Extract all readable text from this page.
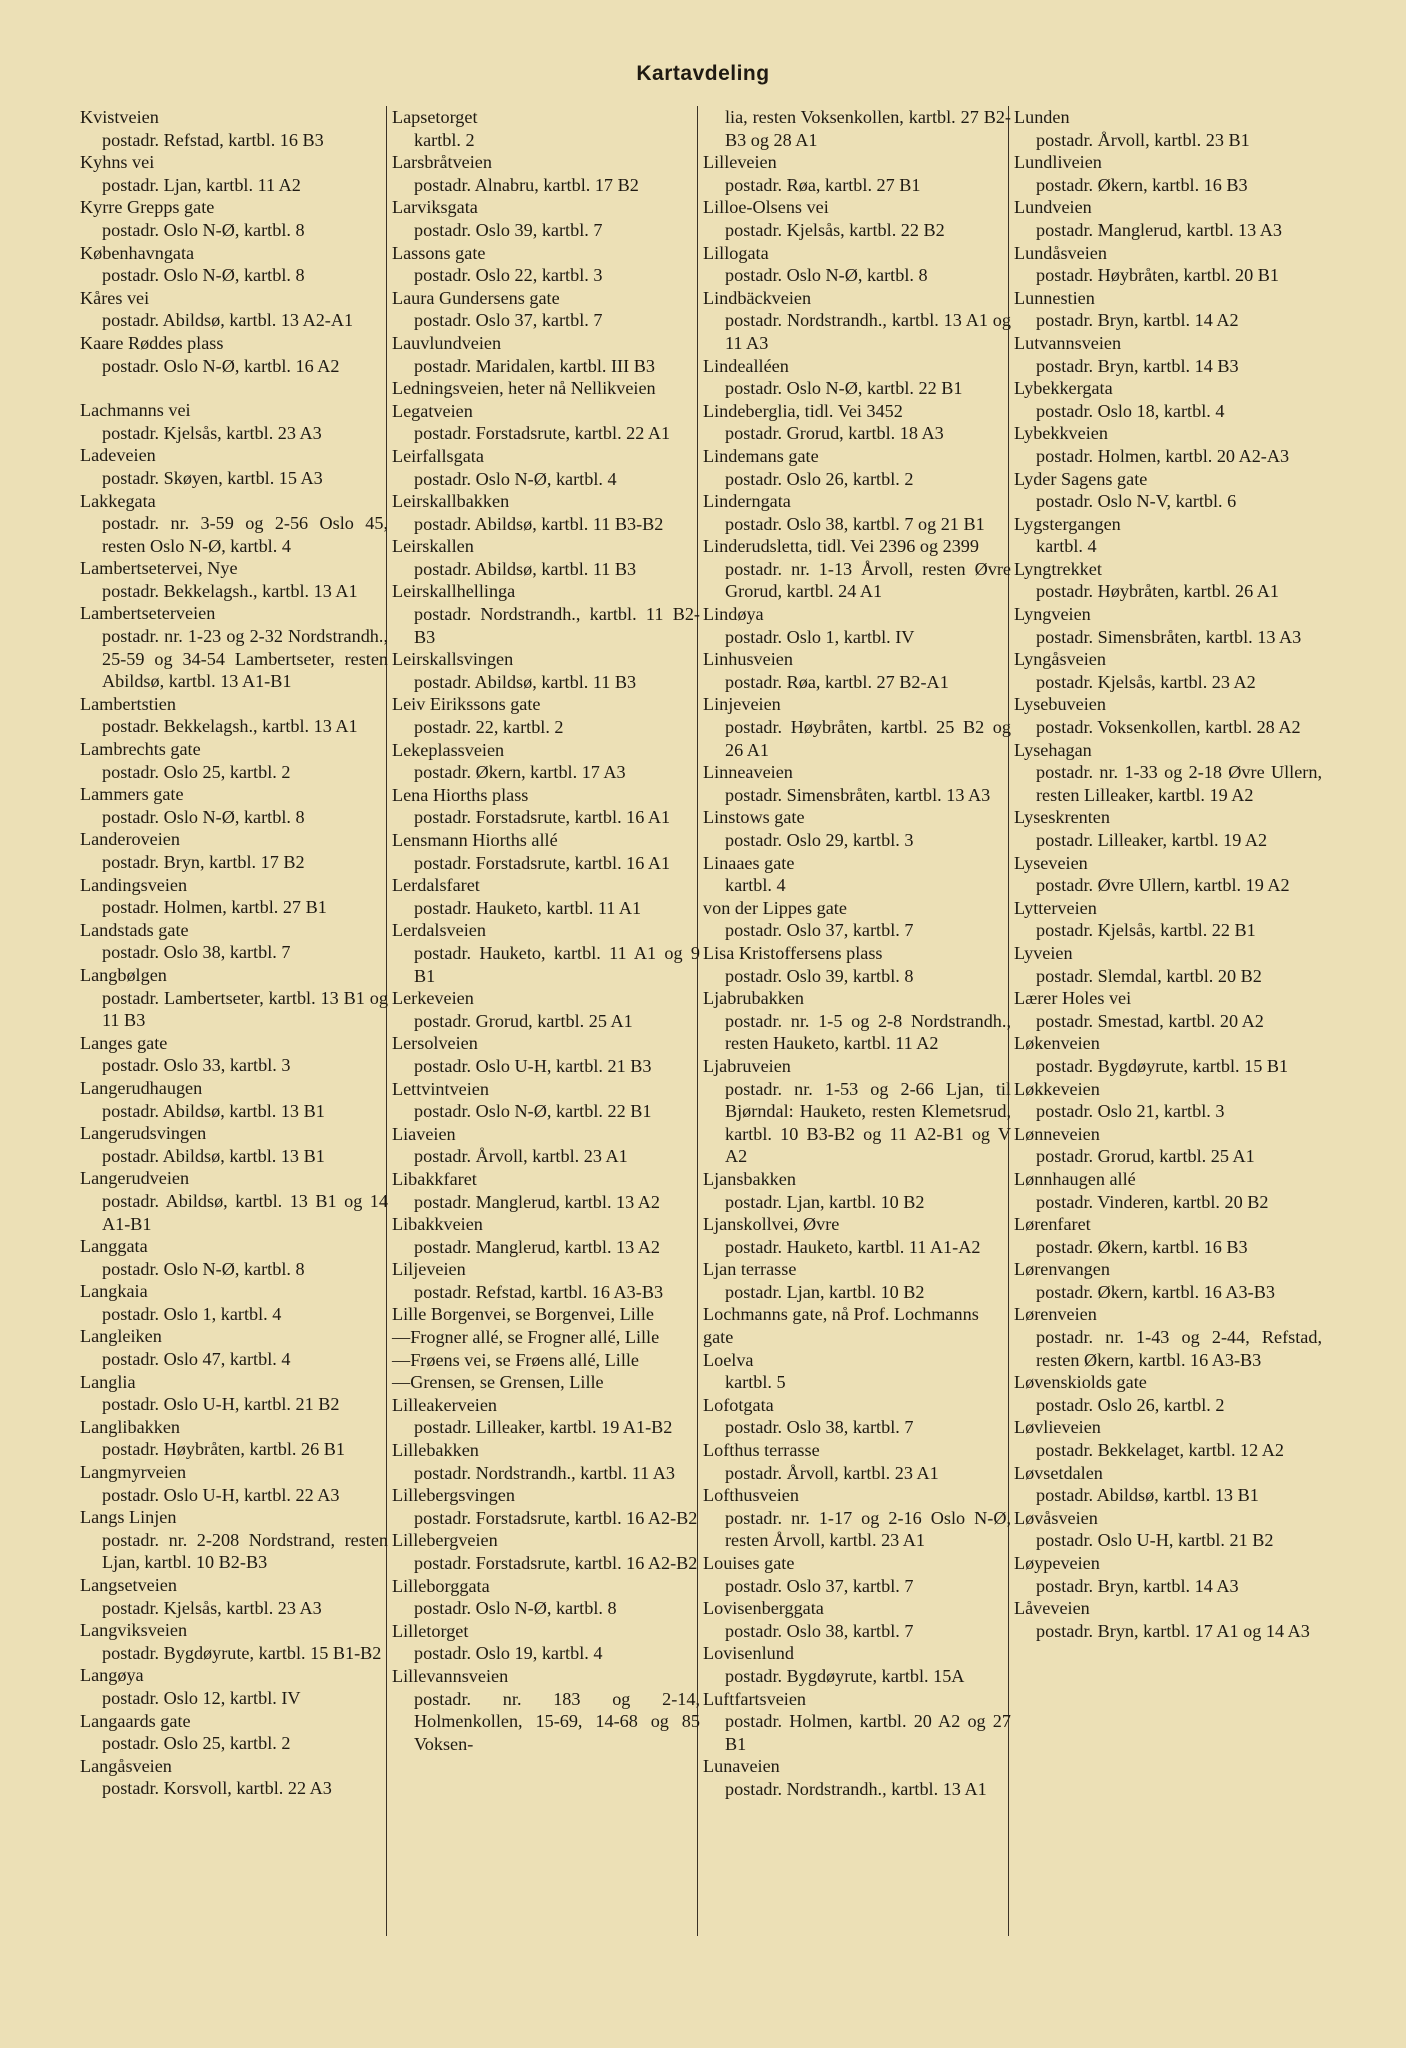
Kartavdeling
Kvistveien
postadr. Refstad, kartbl. 16 B3
Kyhns vei
postadr. Ljan, kartbl. 11 A2
Kyrre Grepps gate
postadr. Oslo N-Ø, kartbl. 8
Københavngata
postadr. Oslo N-Ø, kartbl. 8
Kåres vei
postadr. Abildsø, kartbl. 13 A2-A1
Kaare Røddes plass
postadr. Oslo N-Ø, kartbl. 16 A2
Lachmanns vei
postadr. Kjelsås, kartbl. 23 A3
Ladeveien
postadr. Skøyen, kartbl. 15 A3
Lakkegata
postadr. nr. 3-59 og 2-56 Oslo 45, resten Oslo N-Ø, kartbl. 4
Lambertsetervei, Nye
postadr. Bekkelagsh., kartbl. 13 A1
Lambertseterveien
postadr. nr. 1-23 og 2-32 Nordstrandh., 25-59 og 34-54 Lambertseter, resten Abildsø, kartbl. 13 A1-B1
Lambertstien
postadr. Bekkelagsh., kartbl. 13 A1
Lambrechts gate
postadr. Oslo 25, kartbl. 2
Lammers gate
postadr. Oslo N-Ø, kartbl. 8
Landeroveien
postadr. Bryn, kartbl. 17 B2
Landingsveien
postadr. Holmen, kartbl. 27 B1
Landstads gate
postadr. Oslo 38, kartbl. 7
Langbølgen
postadr. Lambertseter, kartbl. 13 B1 og 11 B3
Langes gate
postadr. Oslo 33, kartbl. 3
Langerudhaugen
postadr. Abildsø, kartbl. 13 B1
Langerudsvingen
postadr. Abildsø, kartbl. 13 B1
Langerudveien
postadr. Abildsø, kartbl. 13 B1 og 14 A1-B1
Langgata
postadr. Oslo N-Ø, kartbl. 8
Langkaia
postadr. Oslo 1, kartbl. 4
Langleiken
postadr. Oslo 47, kartbl. 4
Langlia
postadr. Oslo U-H, kartbl. 21 B2
Langlibakken
postadr. Høybråten, kartbl. 26 B1
Langmyrveien
postadr. Oslo U-H, kartbl. 22 A3
Langs Linjen
postadr. nr. 2-208 Nordstrand, resten Ljan, kartbl. 10 B2-B3
Langsetveien
postadr. Kjelsås, kartbl. 23 A3
Langviksveien
postadr. Bygdøyrute, kartbl. 15 B1-B2
Langøya
postadr. Oslo 12, kartbl. IV
Langaards gate
postadr. Oslo 25, kartbl. 2
Langåsveien
postadr. Korsvoll, kartbl. 22 A3
Lapsetorget
kartbl. 2
Larsbråtveien
postadr. Alnabru, kartbl. 17 B2
Larviksgata
postadr. Oslo 39, kartbl. 7
Lassons gate
postadr. Oslo 22, kartbl. 3
Laura Gundersens gate
postadr. Oslo 37, kartbl. 7
Lauvlundveien
postadr. Maridalen, kartbl. III B3
Ledningsveien, heter nå Nellikveien
Legatveien
postadr. Forstadsrute, kartbl. 22 A1
Leirfallsgata
postadr. Oslo N-Ø, kartbl. 4
Leirskallbakken
postadr. Abildsø, kartbl. 11 B3-B2
Leirskallen
postadr. Abildsø, kartbl. 11 B3
Leirskallhellinga
postadr. Nordstrandh., kartbl. 11 B2-B3
Leirskallsvingen
postadr. Abildsø, kartbl. 11 B3
Leiv Eirikssons gate
postadr. 22, kartbl. 2
Lekeplassveien
postadr. Økern, kartbl. 17 A3
Lena Hiorths plass
postadr. Forstadsrute, kartbl. 16 A1
Lensmann Hiorths allé
postadr. Forstadsrute, kartbl. 16 A1
Lerdalsfaret
postadr. Hauketo, kartbl. 11 A1
Lerdalsveien
postadr. Hauketo, kartbl. 11 A1 og 9 B1
Lerkeveien
postadr. Grorud, kartbl. 25 A1
Lersolveien
postadr. Oslo U-H, kartbl. 21 B3
Lettvintveien
postadr. Oslo N-Ø, kartbl. 22 B1
Liaveien
postadr. Årvoll, kartbl. 23 A1
Libakkfaret
postadr. Manglerud, kartbl. 13 A2
Libakkveien
postadr. Manglerud, kartbl. 13 A2
Liljeveien
postadr. Refstad, kartbl. 16 A3-B3
Lille Borgenvei, se Borgenvei, Lille
—Frogner allé, se Frogner allé, Lille
—Frøens vei, se Frøens allé, Lille
—Grensen, se Grensen, Lille
Lilleakerveien
postadr. Lilleaker, kartbl. 19 A1-B2
Lillebakken
postadr. Nordstrandh., kartbl. 11 A3
Lillebergsvingen
postadr. Forstadsrute, kartbl. 16 A2-B2
Lillebergveien
postadr. Forstadsrute, kartbl. 16 A2-B2
Lilleborggata
postadr. Oslo N-Ø, kartbl. 8
Lilletorget
postadr. Oslo 19, kartbl. 4
Lillevannsveien
postadr. nr. 183 og 2-14, Holmenkollen, 15-69, 14-68 og 85 Voksen-
lia, resten Voksenkollen, kartbl. 27 B2-B3 og 28 A1
Lilleveien
postadr. Røa, kartbl. 27 B1
Lilloe-Olsens vei
postadr. Kjelsås, kartbl. 22 B2
Lillogata
postadr. Oslo N-Ø, kartbl. 8
Lindbäckveien
postadr. Nordstrandh., kartbl. 13 A1 og 11 A3
Lindealléen
postadr. Oslo N-Ø, kartbl. 22 B1
Lindeberglia, tidl. Vei 3452
postadr. Grorud, kartbl. 18 A3
Lindemans gate
postadr. Oslo 26, kartbl. 2
Linderngata
postadr. Oslo 38, kartbl. 7 og 21 B1
Linderudsletta, tidl. Vei 2396 og 2399
postadr. nr. 1-13 Årvoll, resten Øvre Grorud, kartbl. 24 A1
Lindøya
postadr. Oslo 1, kartbl. IV
Linhusveien
postadr. Røa, kartbl. 27 B2-A1
Linjeveien
postadr. Høybråten, kartbl. 25 B2 og 26 A1
Linneaveien
postadr. Simensbråten, kartbl. 13 A3
Linstows gate
postadr. Oslo 29, kartbl. 3
Linaaes gate
kartbl. 4
von der Lippes gate
postadr. Oslo 37, kartbl. 7
Lisa Kristoffersens plass
postadr. Oslo 39, kartbl. 8
Ljabrubakken
postadr. nr. 1-5 og 2-8 Nordstrandh., resten Hauketo, kartbl. 11 A2
Ljabruveien
postadr. nr. 1-53 og 2-66 Ljan, til Bjørndal: Hauketo, resten Klemetsrud, kartbl. 10 B3-B2 og 11 A2-B1 og V A2
Ljansbakken
postadr. Ljan, kartbl. 10 B2
Ljanskollvei, Øvre
postadr. Hauketo, kartbl. 11 A1-A2
Ljan terrasse
postadr. Ljan, kartbl. 10 B2
Lochmanns gate, nå Prof. Lochmanns gate
Loelva
kartbl. 5
Lofotgata
postadr. Oslo 38, kartbl. 7
Lofthus terrasse
postadr. Årvoll, kartbl. 23 A1
Lofthusveien
postadr. nr. 1-17 og 2-16 Oslo N-Ø, resten Årvoll, kartbl. 23 A1
Louises gate
postadr. Oslo 37, kartbl. 7
Lovisenberggata
postadr. Oslo 38, kartbl. 7
Lovisenlund
postadr. Bygdøyrute, kartbl. 15A
Luftfartsveien
postadr. Holmen, kartbl. 20 A2 og 27 B1
Lunaveien
postadr. Nordstrandh., kartbl. 13 A1
Lunden
postadr. Årvoll, kartbl. 23 B1
Lundliveien
postadr. Økern, kartbl. 16 B3
Lundveien
postadr. Manglerud, kartbl. 13 A3
Lundåsveien
postadr. Høybråten, kartbl. 20 B1
Lunnestien
postadr. Bryn, kartbl. 14 A2
Lutvannsveien
postadr. Bryn, kartbl. 14 B3
Lybekkergata
postadr. Oslo 18, kartbl. 4
Lybekkveien
postadr. Holmen, kartbl. 20 A2-A3
Lyder Sagens gate
postadr. Oslo N-V, kartbl. 6
Lygstergangen
kartbl. 4
Lyngtrekket
postadr. Høybråten, kartbl. 26 A1
Lyngveien
postadr. Simensbråten, kartbl. 13 A3
Lyngåsveien
postadr. Kjelsås, kartbl. 23 A2
Lysebuveien
postadr. Voksenkollen, kartbl. 28 A2
Lysehagan
postadr. nr. 1-33 og 2-18 Øvre Ullern, resten Lilleaker, kartbl. 19 A2
Lyseskrenten
postadr. Lilleaker, kartbl. 19 A2
Lyseveien
postadr. Øvre Ullern, kartbl. 19 A2
Lytterveien
postadr. Kjelsås, kartbl. 22 B1
Lyveien
postadr. Slemdal, kartbl. 20 B2
Lærer Holes vei
postadr. Smestad, kartbl. 20 A2
Løkenveien
postadr. Bygdøyrute, kartbl. 15 B1
Løkkeveien
postadr. Oslo 21, kartbl. 3
Lønneveien
postadr. Grorud, kartbl. 25 A1
Lønnhaugen allé
postadr. Vinderen, kartbl. 20 B2
Lørenfaret
postadr. Økern, kartbl. 16 B3
Lørenvangen
postadr. Økern, kartbl. 16 A3-B3
Lørenveien
postadr. nr. 1-43 og 2-44, Refstad, resten Økern, kartbl. 16 A3-B3
Løvenskiolds gate
postadr. Oslo 26, kartbl. 2
Løvlieveien
postadr. Bekkelaget, kartbl. 12 A2
Løvsetdalen
postadr. Abildsø, kartbl. 13 B1
Løvåsveien
postadr. Oslo U-H, kartbl. 21 B2
Løypeveien
postadr. Bryn, kartbl. 14 A3
Låveveien
postadr. Bryn, kartbl. 17 A1 og 14 A3
